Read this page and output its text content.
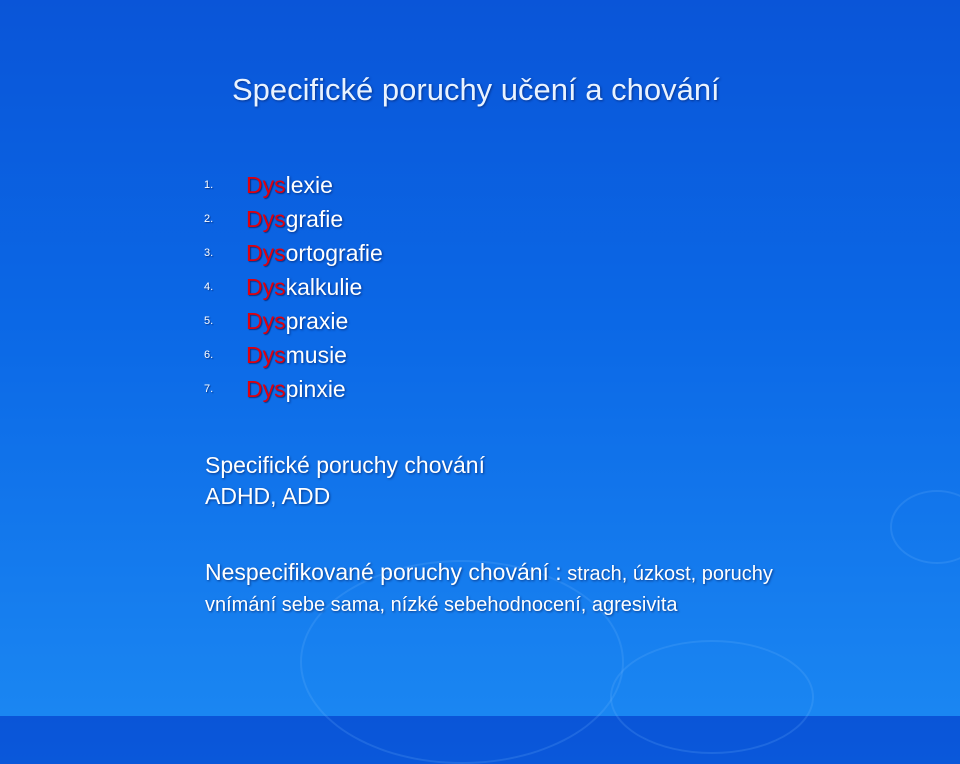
Specifické poruchy učení a chování
1.	Dys lexie
2.	Dys grafie
3.	Dys ortografie
4.	Dys kalkulie
5.	Dys praxie
6.	Dys musie
7.	Dys pinxie
Specifické poruchy chování
ADHD, ADD
Nespecifikované poruchy chování : strach, úzkost, poruchy
vnímání sebe sama, nízké sebehodnocení, agresivita
